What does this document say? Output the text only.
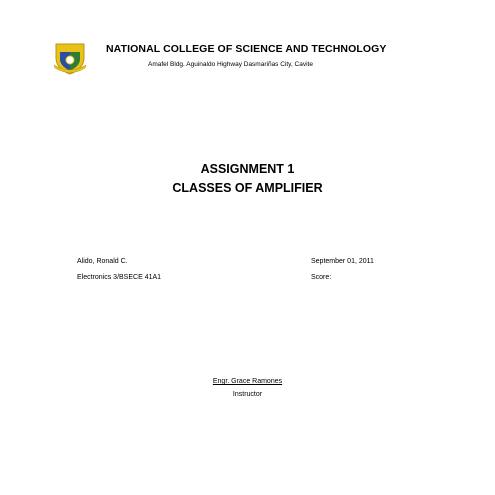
NATIONAL COLLEGE OF SCIENCE AND TECHNOLOGY
Amafel Bldg. Aguinaldo Highway Dasmariñas City, Cavite
ASSIGNMENT 1
CLASSES OF AMPLIFIER
Alido, Ronald C.
Electronics 3/BSECE 41A1
September 01, 2011
Score:
Engr. Grace Ramones
Instructor
